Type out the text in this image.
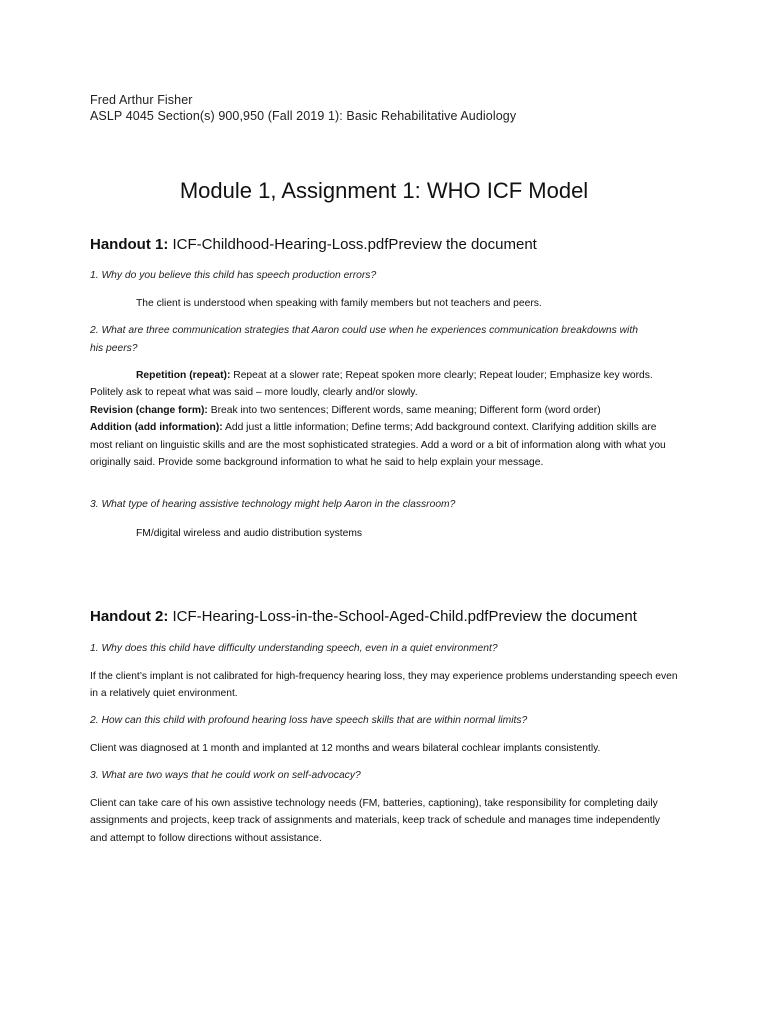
Fred Arthur Fisher
ASLP 4045 Section(s) 900,950 (Fall 2019 1): Basic Rehabilitative Audiology
Module 1, Assignment 1: WHO ICF Model
Handout 1: ICF-Childhood-Hearing-Loss.pdfPreview the document
1. Why do you believe this child has speech production errors?
The client is understood when speaking with family members but not teachers and peers.
2. What are three communication strategies that Aaron could use when he experiences communication breakdowns with his peers?
Repetition (repeat): Repeat at a slower rate; Repeat spoken more clearly; Repeat louder; Emphasize key words. Politely ask to repeat what was said – more loudly, clearly and/or slowly.
Revision (change form): Break into two sentences; Different words, same meaning; Different form (word order)
Addition (add information): Add just a little information; Define terms; Add background context. Clarifying addition skills are most reliant on linguistic skills and are the most sophisticated strategies. Add a word or a bit of information along with what you originally said. Provide some background information to what he said to help explain your message.
3. What type of hearing assistive technology might help Aaron in the classroom?
FM/digital wireless and audio distribution systems
Handout 2: ICF-Hearing-Loss-in-the-School-Aged-Child.pdfPreview the document
1. Why does this child have difficulty understanding speech, even in a quiet environment?
If the client’s implant is not calibrated for high-frequency hearing loss, they may experience problems understanding speech even in a relatively quiet environment.
2. How can this child with profound hearing loss have speech skills that are within normal limits?
Client was diagnosed at 1 month and implanted at 12 months and wears bilateral cochlear implants consistently.
3. What are two ways that he could work on self-advocacy?
Client can take care of his own assistive technology needs (FM, batteries, captioning), take responsibility for completing daily assignments and projects, keep track of assignments and materials, keep track of schedule and manages time independently and attempt to follow directions without assistance.
